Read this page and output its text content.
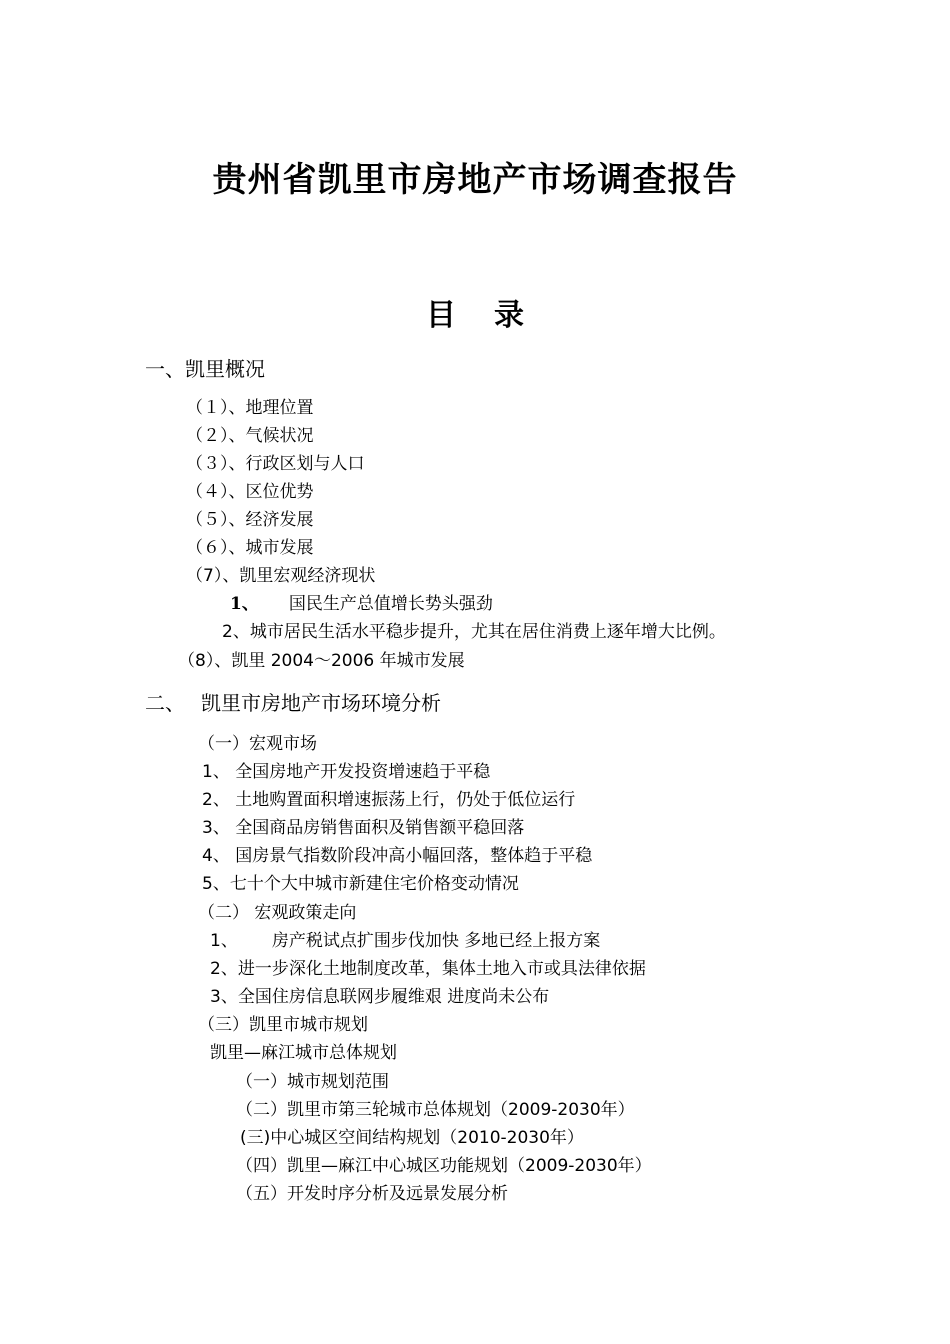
贵州省凯里市房地产市场调查报告
目 录
一、凯里概况
（１）、地理位置
（２）、气候状况
（３）、行政区划与人口
（４）、区位优势
（５）、经济发展
（６）、城市发展
（7）、凯里宏观经济现状
1、 国民生产总值增长势头强劲
2、城市居民生活水平稳步提升，尤其在居住消费上逐年增大比例。
（8）、凯里 2004～2006 年城市发展
二、 凯里市房地产市场环境分析
（一）宏观市场
1、 全国房地产开发投资增速趋于平稳
2、 土地购置面积增速振荡上行，仍处于低位运行
3、 全国商品房销售面积及销售额平稳回落
4、 国房景气指数阶段冲高小幅回落，整体趋于平稳
5、七十个大中城市新建住宅价格变动情况
（二） 宏观政策走向
1、 房产税试点扩围步伐加快 多地已经上报方案
2、进一步深化土地制度改革，集体土地入市或具法律依据
3、全国住房信息联网步履维艰 进度尚未公布
（三）凯里市城市规划
凯里—麻江城市总体规划
（一）城市规划范围
（二）凯里市第三轮城市总体规划（2009-2030年）
(三)中心城区空间结构规划（2010-2030年）
（四）凯里—麻江中心城区功能规划（2009-2030年）
（五）开发时序分析及远景发展分析
